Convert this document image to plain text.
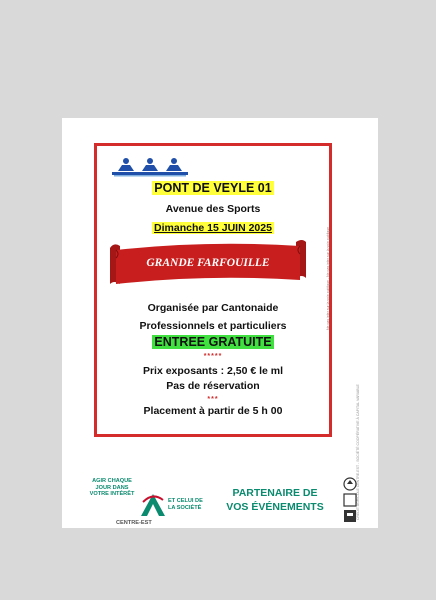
PONT DE VEYLE 01
Avenue des Sports
Dimanche 15 JUIN 2025
GRANDE FARFOUILLE
Organisée par Cantonaide
Professionnels et particuliers
ENTREE GRATUITE
*****
Prix exposants : 2,50 € le ml
Pas de réservation
***
Placement à partir de 5 h 00
Ne pas jeter sur la voie publique - Ne pas jeter sur la voie publique
CRÉDIT AGRICOLE CENTRE-EST - SOCIÉTÉ COOPÉRATIVE À CAPITAL VARIABLE
AGIR CHAQUE JOUR DANS VOTRE INTÉRÊT
ET CELUI DE LA SOCIÉTÉ
CENTRE-EST
PARTENAIRE DE
VOS ÉVÉNEMENTS
